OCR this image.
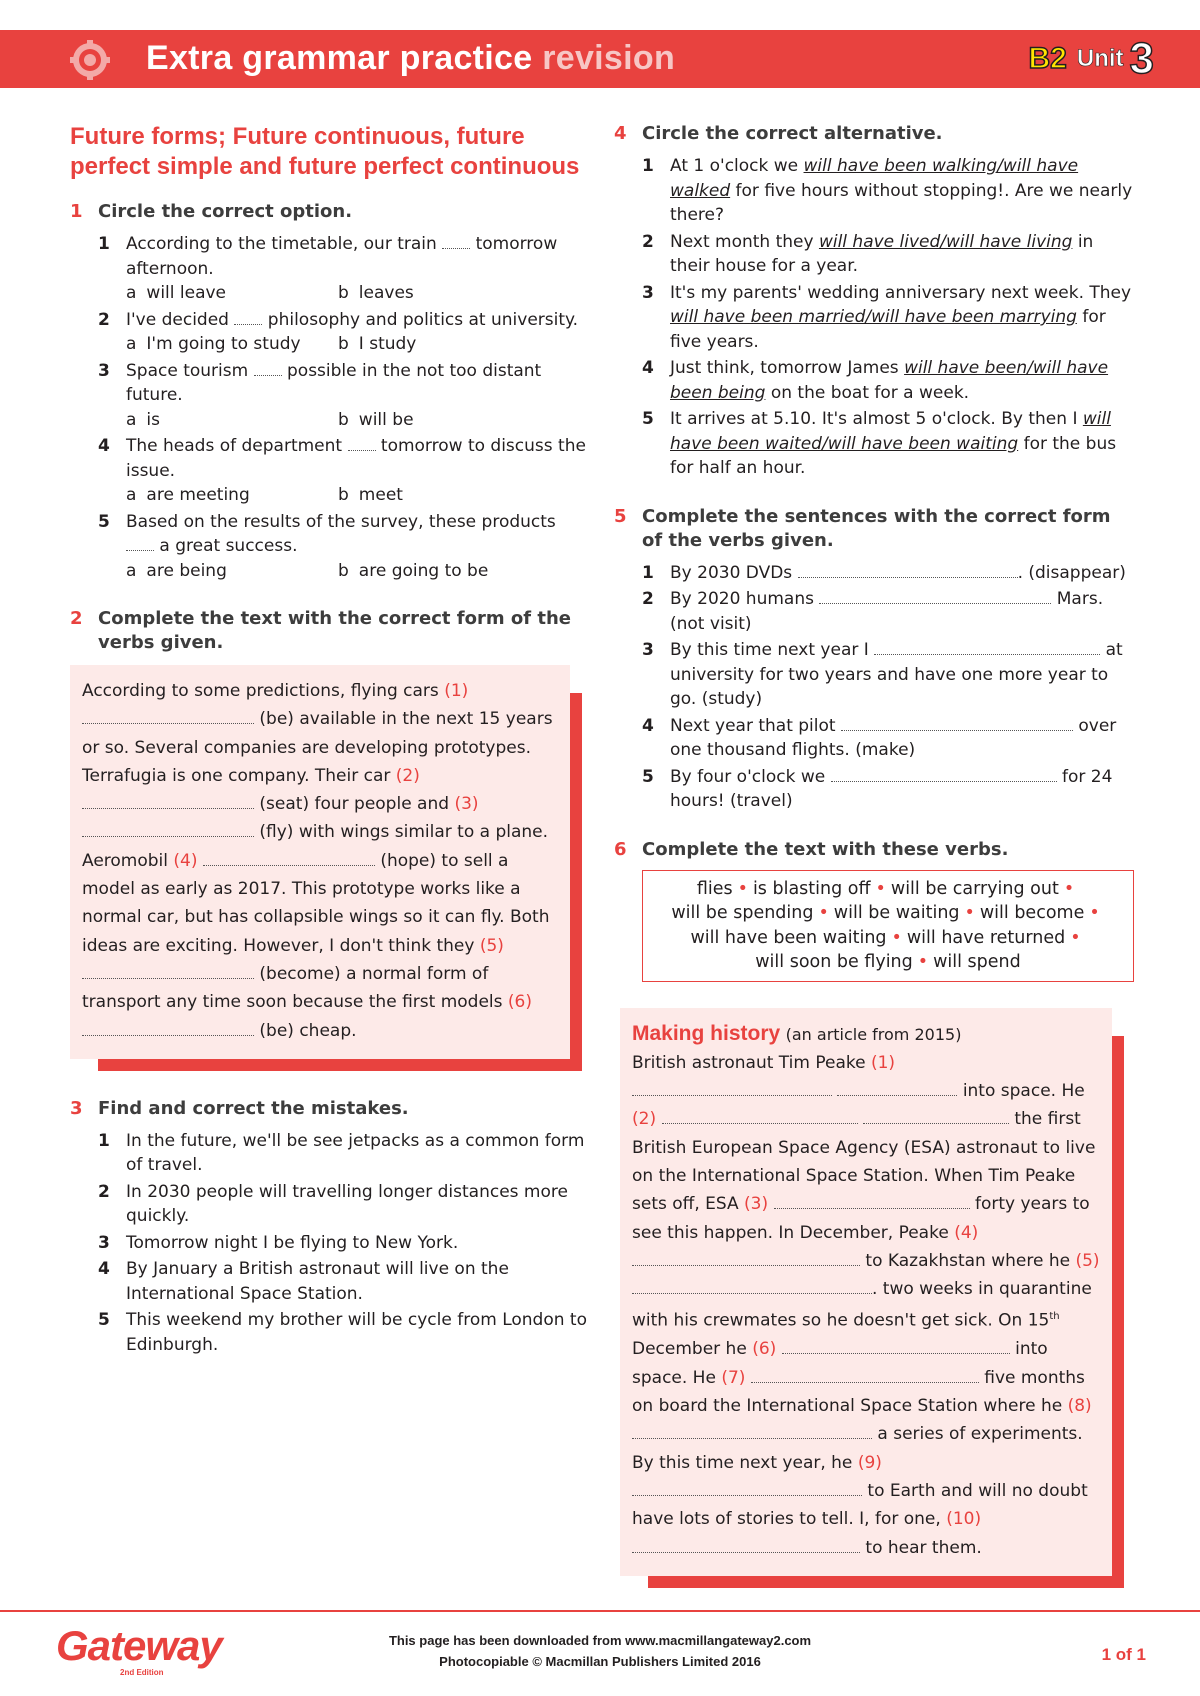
Extra grammar practice revision	B2 Unit 3
Future forms; Future continuous, future perfect simple and future perfect continuous
1 Circle the correct option.
1 According to the timetable, our train tomorrow afternoon.
a will leave	b leaves
2 I've decided philosophy and politics at university.
a I'm going to study	b I study
3 Space tourism possible in the not too distant future.
a is	b will be
4 The heads of department tomorrow to discuss the issue.
a are meeting	b meet
5 Based on the results of the survey, these products  a great success.
a are being	b are going to be
2 Complete the text with the correct form of the verbs given.
According to some predictions, flying cars (1)  (be) available in the next 15 years or so. Several companies are developing prototypes. Terrafugia is one company. Their car (2)  (seat) four people and (3)  (fly) with wings similar to a plane. Aeromobil (4)	(hope) to sell a model as early as 2017. This prototype works like a normal car, but has collapsible wings so it can fly. Both ideas are exciting. However, I don't think they (5)  (become) a normal form of transport any time soon because the first models (6)  (be) cheap.
3 Find and correct the mistakes.
1 In the future, we'll be see jetpacks as a common form of travel.
2 In 2030 people will travelling longer distances more quickly.
3 Tomorrow night I be flying to New York.
4 By January a British astronaut will live on the International Space Station.
5 This weekend my brother will be cycle from London to Edinburgh.
4 Circle the correct alternative.
1 At 1 o'clock we will have been walking/will have walked for five hours without stopping!. Are we nearly there?
2 Next month they will have lived/will have living in their house for a year.
3 It's my parents' wedding anniversary next week. They will have been married/will have been marrying for five years.
4 Just think, tomorrow James will have been/will have been being on the boat for a week.
5 It arrives at 5.10. It's almost 5 o'clock. By then I will have been waited/will have been waiting for the bus for half an hour.
5 Complete the sentences with the correct form of the verbs given.
1 By 2030 DVDs	. (disappear)
2 By 2020 humans	Mars. (not visit)
3 By this time next year I	at university for two years and have one more year to go. (study)
4 Next year that pilot	over one thousand flights. (make)
5 By four o'clock we	for 24 hours! (travel)
6 Complete the text with these verbs.
flies • is blasting off • will be carrying out •
will be spending • will be waiting • will become •
will have been waiting • will have returned •
will soon be flying • will spend
Making history (an article from 2015)
British astronaut Tim Peake (1)   into space. He (2)	the first British European Space Agency (ESA) astronaut to live on the International Space Station. When Tim Peake sets off, ESA (3)	forty years to see this happen. In December, Peake (4)  to Kazakhstan where he (5) . two weeks in quarantine with his crewmates so he doesn't get sick. On 15th December he (6)	into space. He (7)	five months on board the International Space Station where he (8)  a series of experiments. By this time next year, he (9)  to Earth and will no doubt have lots of stories to tell. I, for one, (10)  to hear them.
Gateway
2nd Edition
This page has been downloaded from www.macmillangateway2.com
Photocopiable © Macmillan Publishers Limited 2016	1 of 1
